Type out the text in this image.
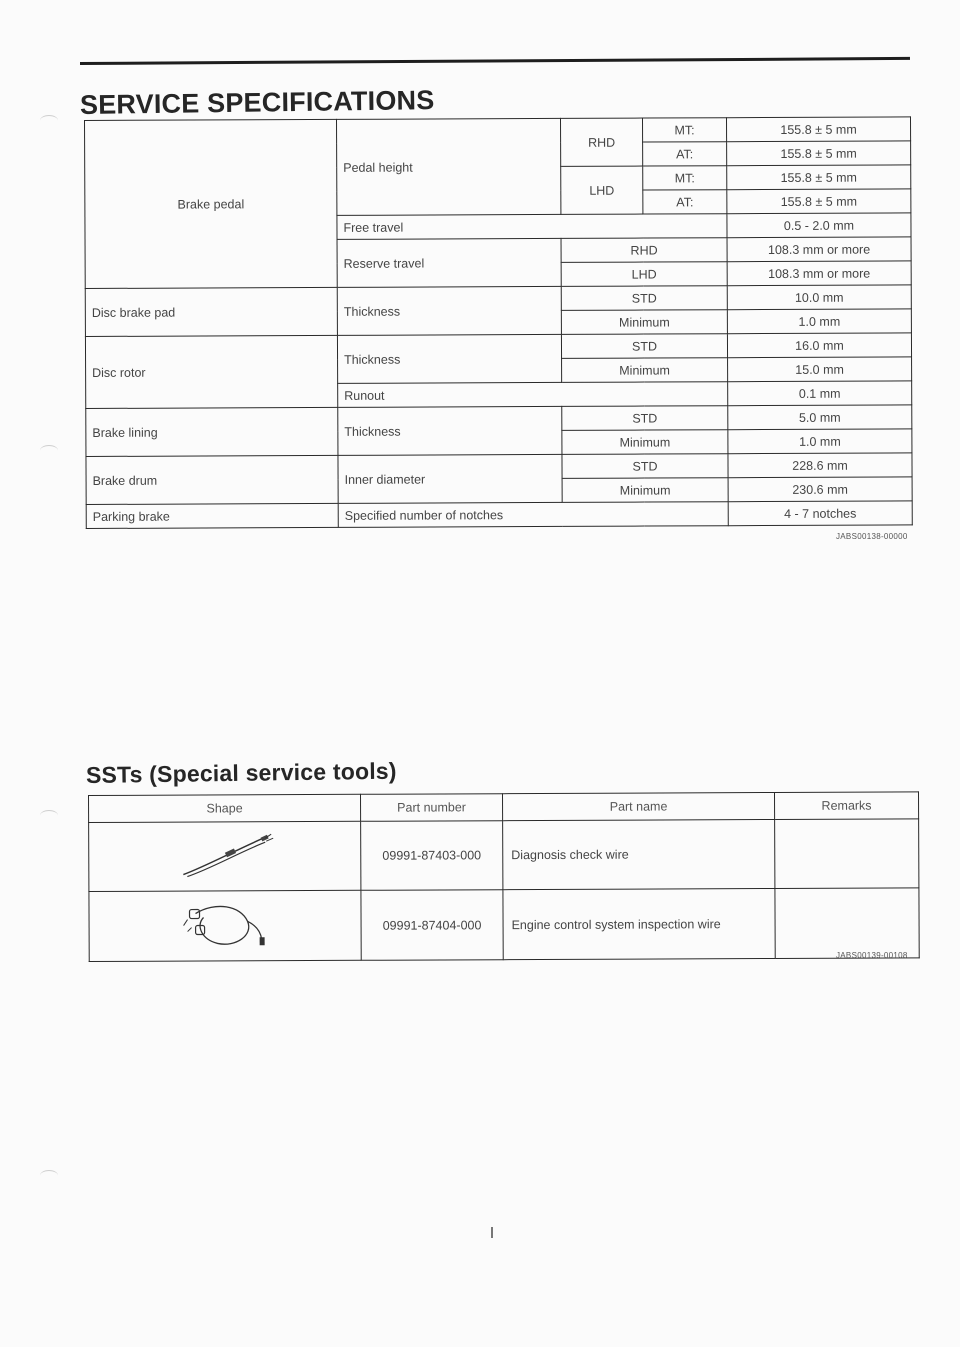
SERVICE SPECIFICATIONS
Brake pedal	Pedal height	RHD	MT:	155.8 ± 5 mm
			AT:	155.8 ± 5 mm
		LHD	MT:	155.8 ± 5 mm
			AT:	155.8 ± 5 mm
	Free travel			0.5 - 2.0 mm
	Reserve travel	RHD		108.3 mm or more
		LHD		108.3 mm or more
Disc brake pad	Thickness	STD		10.0 mm
		Minimum		1.0 mm
Disc rotor	Thickness	STD		16.0 mm
		Minimum		15.0 mm
	Runout			0.1 mm
Brake lining	Thickness	STD		5.0 mm
		Minimum		1.0 mm
Brake drum	Inner diameter	STD		228.6 mm
		Minimum		230.6 mm
Parking brake	Specified number of notches			4 - 7 notches
JABS00138-00000
SSTs (Special service tools)
Shape	Part number	Part name	Remarks
	09991-87403-000	Diagnosis check wire	
	09991-87404-000	Engine control system inspection wire	
JABS00139-00108
